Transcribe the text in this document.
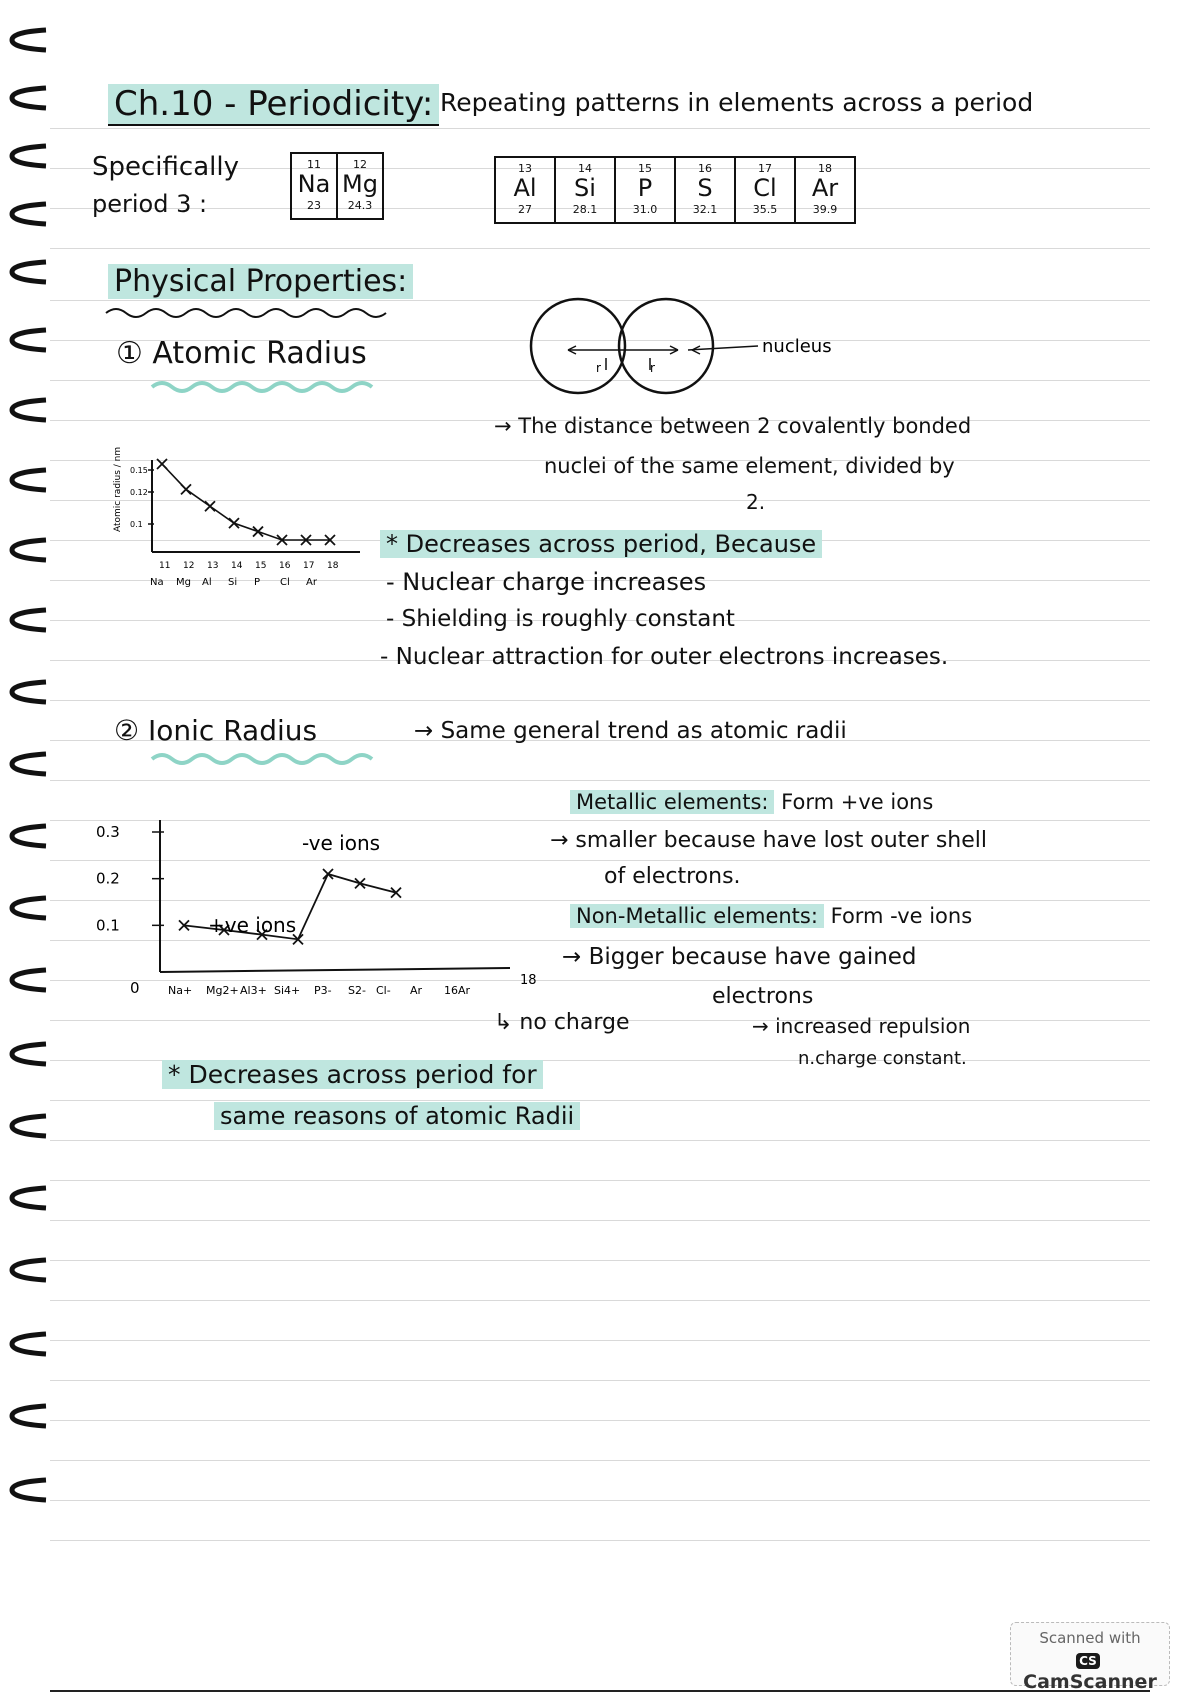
Ch.10 - Periodicity: Repeating patterns in elements across a period
Specifically
period 3 :
11
Na
23
12
Mg
24.3
13
Al
27
14
Si
28.1
15
P
31.0
16
S
32.1
17
Cl
35.5
18
Ar
39.9
Physical Properties:
① Atomic Radius	r	r
nucleus
→ The distance between 2 covalently bonded
nuclei of the same element, divided by
2.
Atomic radius / nm 0.15
0.12
0.1
11 12 13 14 15 16 17 18
Na Mg Al Si P Cl Ar
* Decreases across period, Because
- Nuclear charge increases
- Shielding is roughly constant
- Nuclear attraction for outer electrons increases.
② Ionic Radius	→ Same general trend as atomic radii
0.3
0.2
0.1
0	Na+ Mg2+ Al3+ Si4+ P3- S2- Cl- Ar
-ve ions
+ve ions
16Ar
18
↳ no charge
Metallic elements: Form +ve ions
→ smaller because have lost outer shell
of electrons.
Non-Metallic elements: Form -ve ions
→ Bigger because have gained
electrons
→ increased repulsion
n.charge constant.
* Decreases across period for
same reasons of atomic Radii
Scanned with
CSCamScanner
